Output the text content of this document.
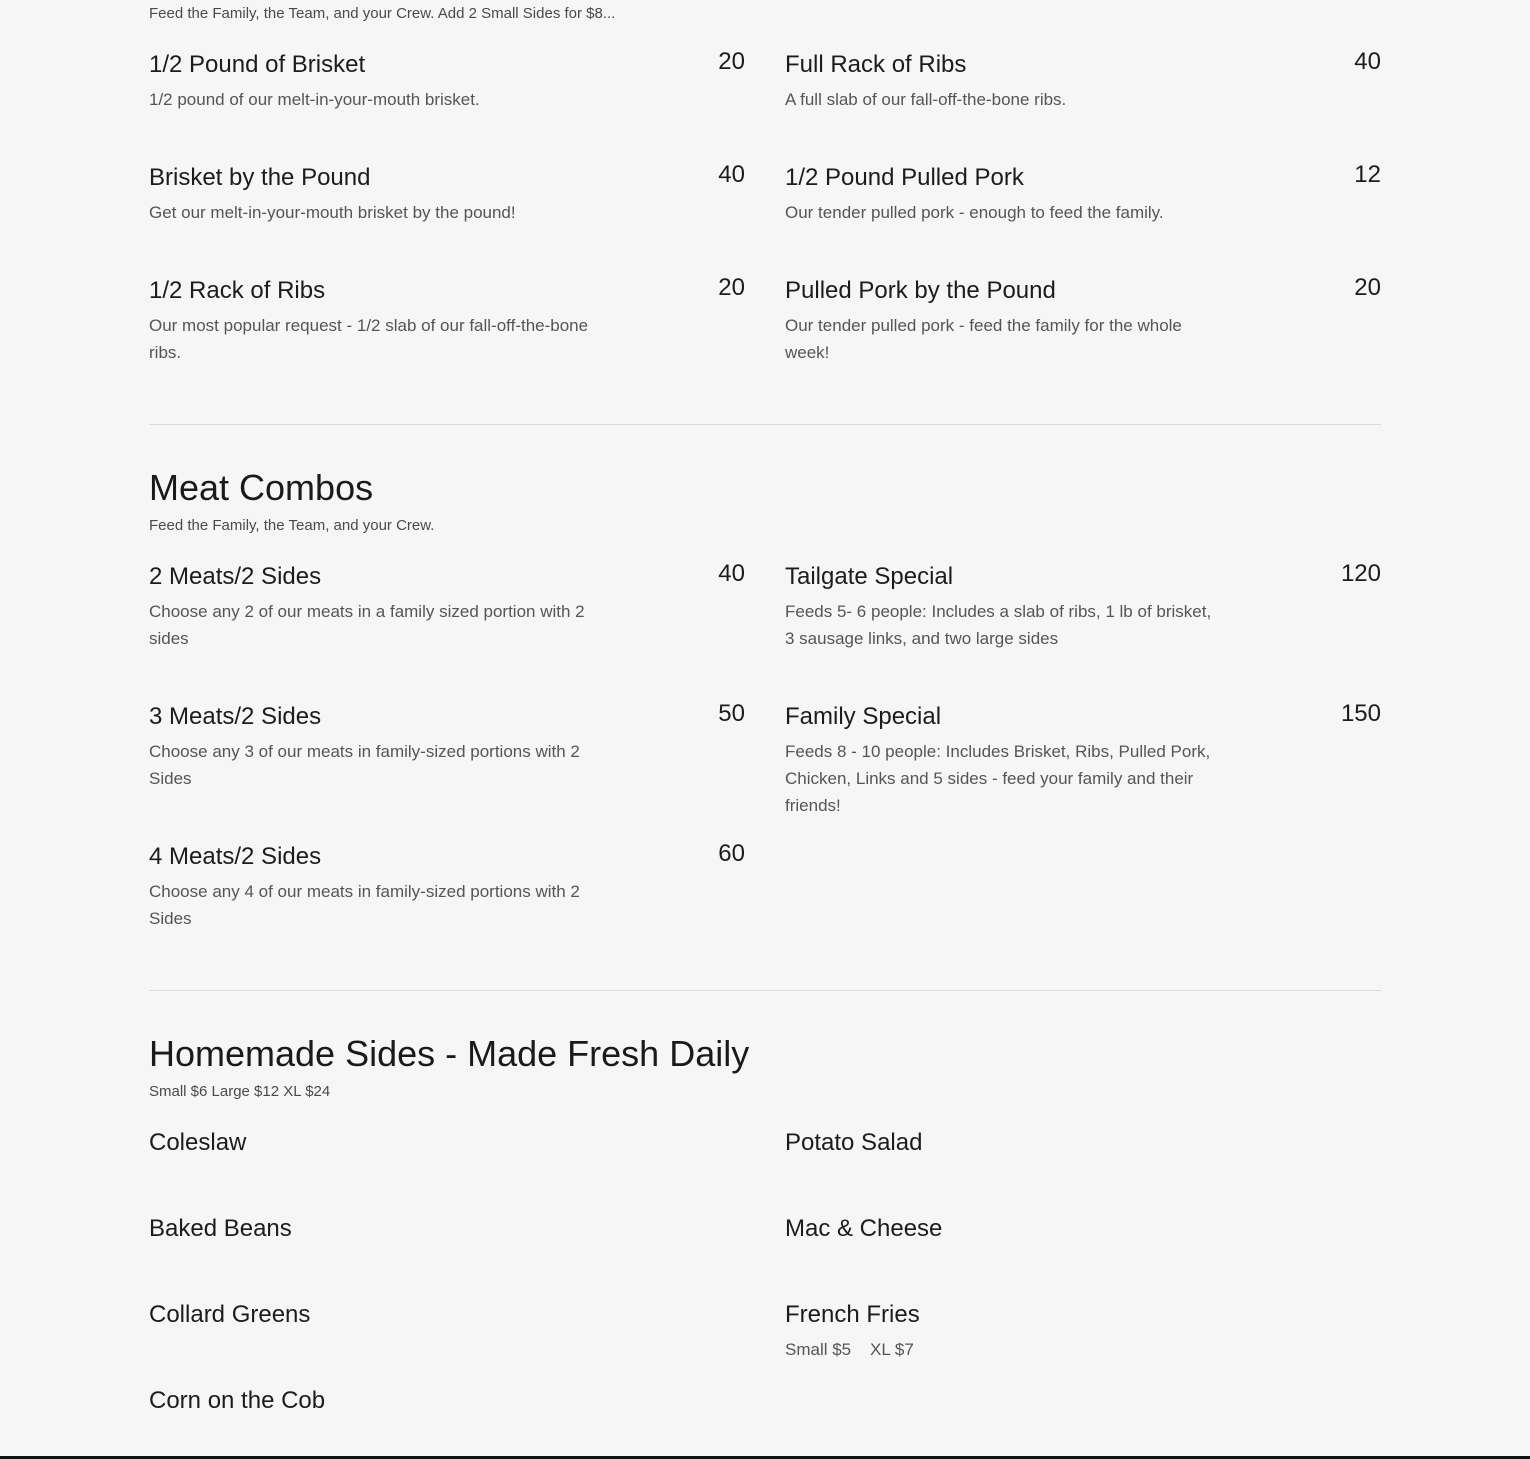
Feed the Family, the Team, and your Crew. Add 2 Small Sides for $8...
1/2 Pound of Brisket	20
1/2 pound of our melt-in-your-mouth brisket.
Brisket by the Pound	40
Get our melt-in-your-mouth brisket by the pound!
1/2 Rack of Ribs	20
Our most popular request - 1/2 slab of our fall-off-the-bone ribs.
Full Rack of Ribs	40
A full slab of our fall-off-the-bone ribs.
1/2 Pound Pulled Pork	12
Our tender pulled pork - enough to feed the family.
Pulled Pork by the Pound	20
Our tender pulled pork - feed the family for the whole week!
Meat Combos
Feed the Family, the Team, and your Crew.
2 Meats/2 Sides	40
Choose any 2 of our meats in a family sized portion with 2 sides
3 Meats/2 Sides	50
Choose any 3 of our meats in family-sized portions with 2 Sides
4 Meats/2 Sides	60
Choose any 4 of our meats in family-sized portions with 2 Sides
Tailgate Special	120
Feeds 5- 6 people: Includes a slab of ribs, 1 lb of brisket, 3 sausage links, and two large sides
Family Special	150
Feeds 8 - 10 people: Includes Brisket, Ribs, Pulled Pork, Chicken, Links and 5 sides - feed your family and their friends!
Homemade Sides - Made Fresh Daily
Small $6 Large $12 XL $24
Coleslaw
Baked Beans
Collard Greens
Corn on the Cob
Potato Salad
Mac & Cheese
French Fries
Small $5    XL $7
